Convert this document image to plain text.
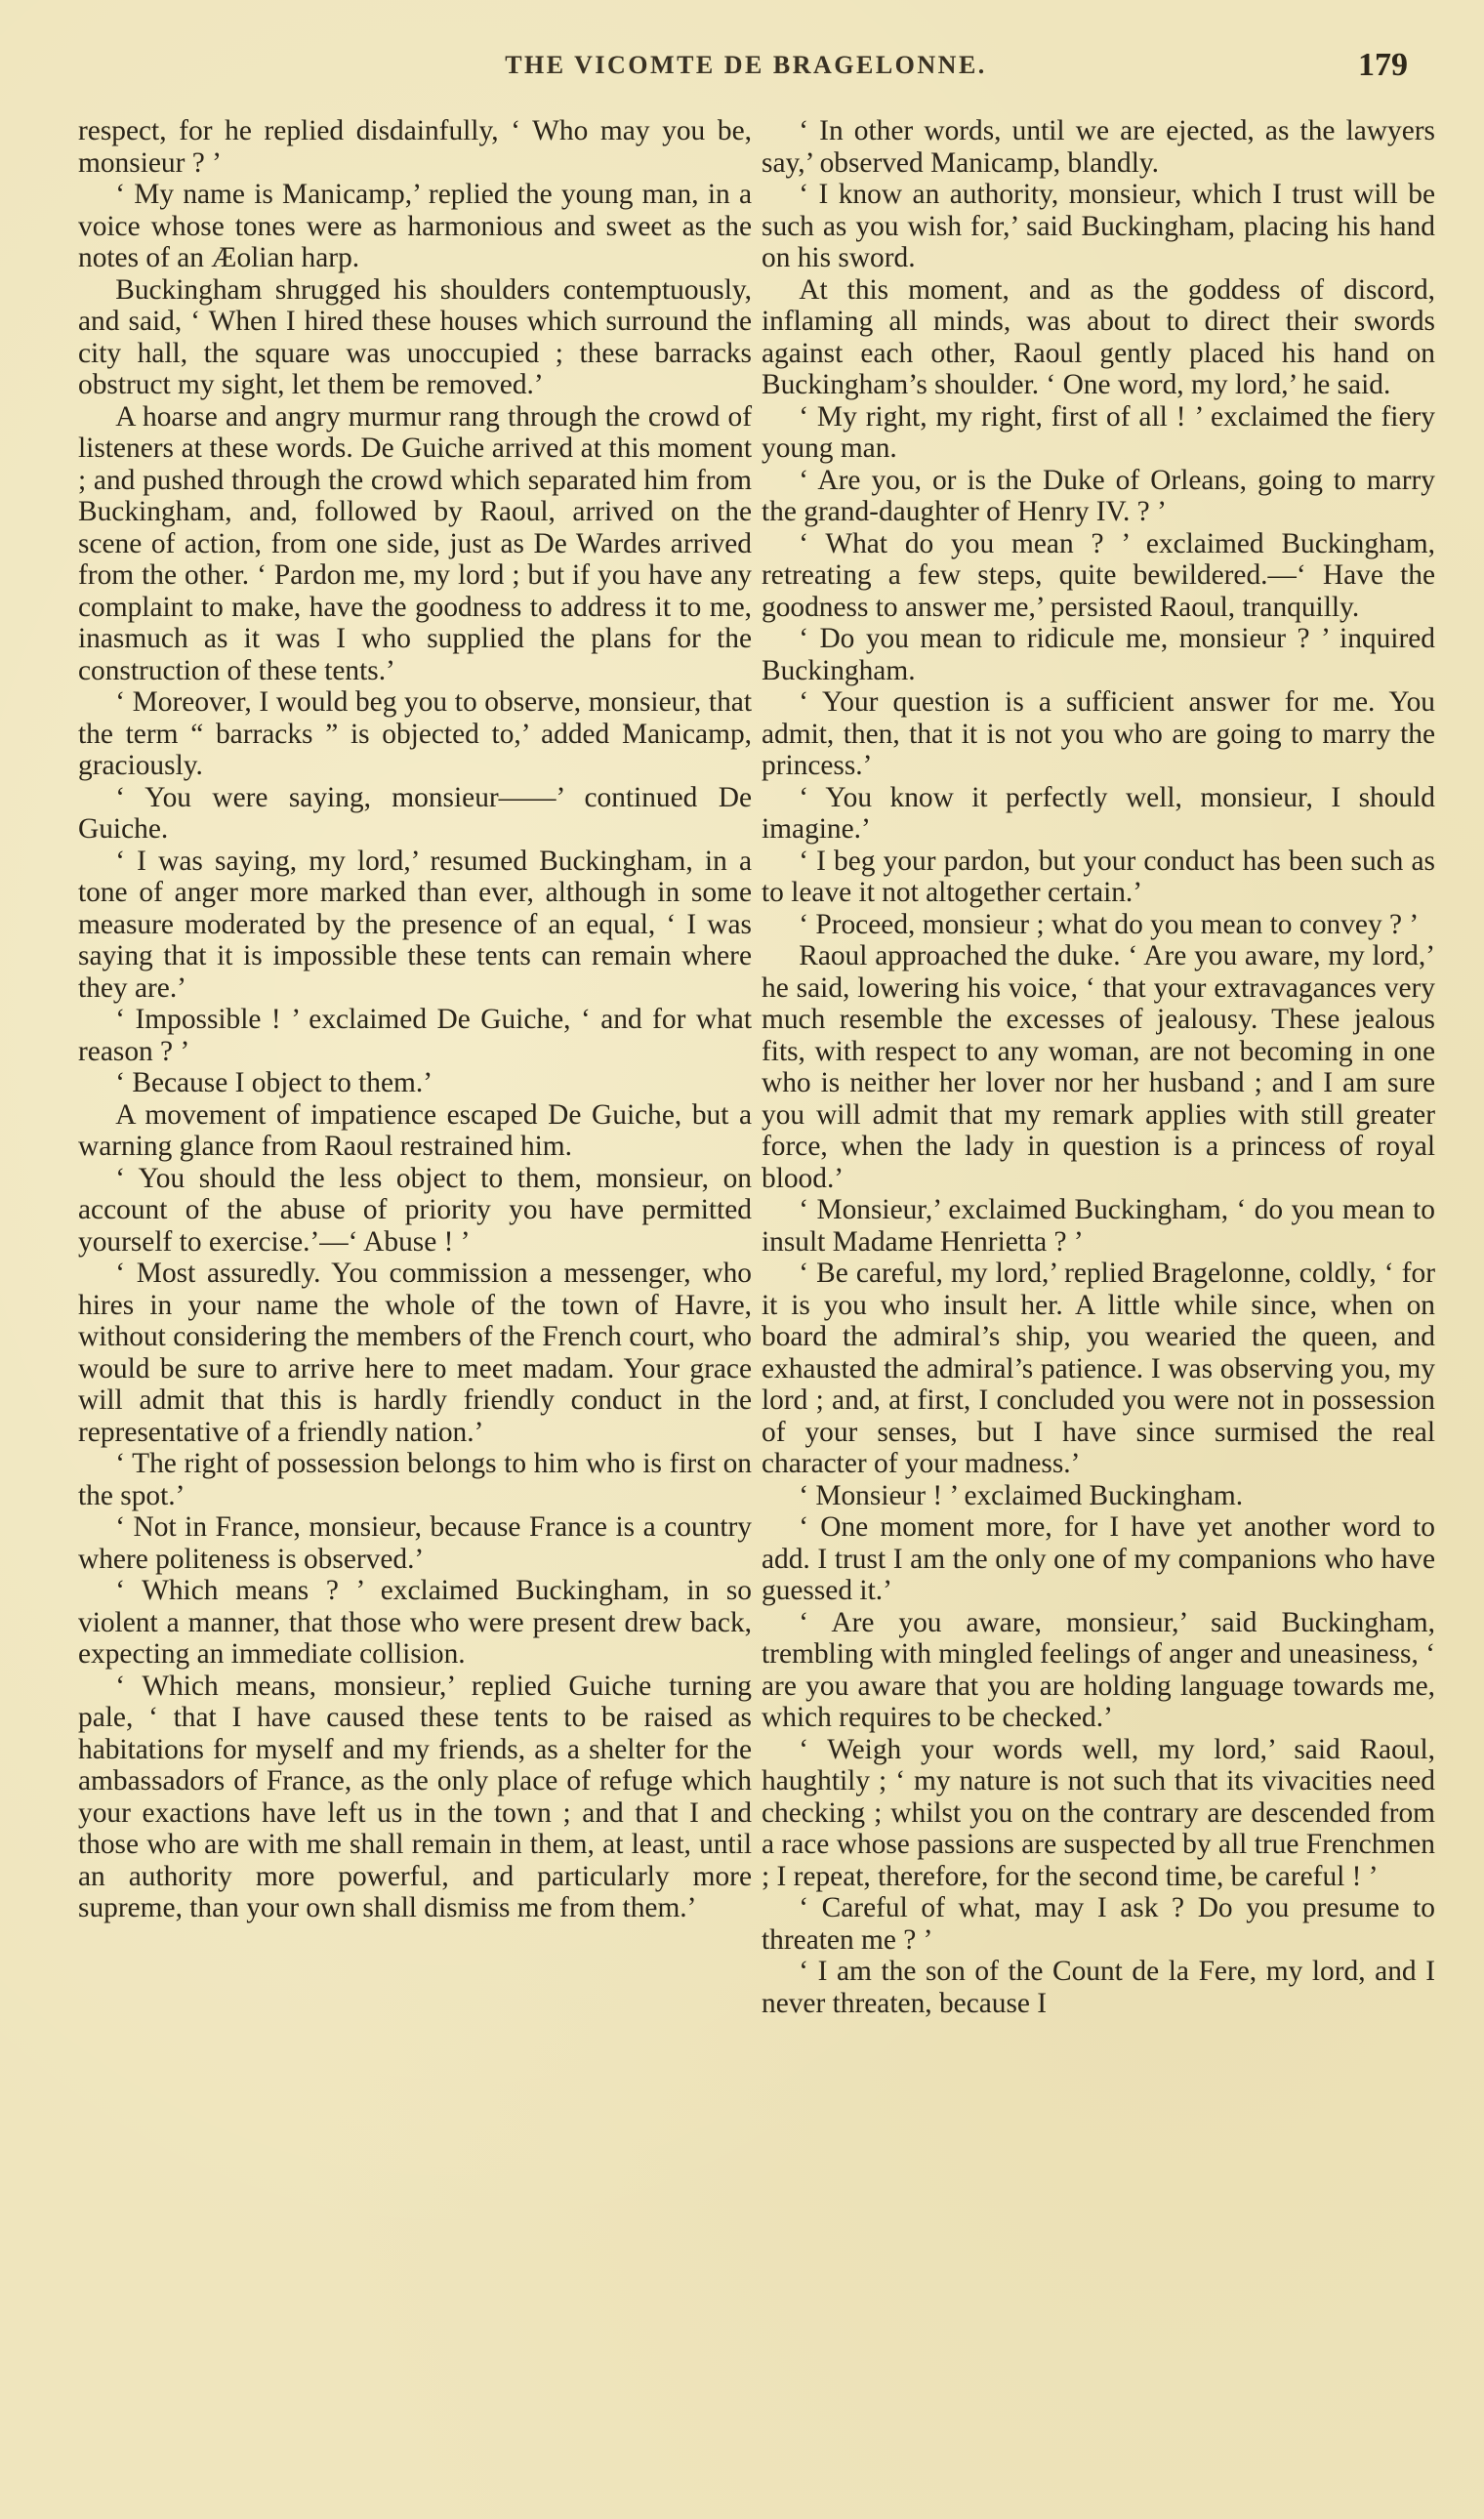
THE VICOMTE DE BRAGELONNE.	179

respect, for he replied disdainfully, ‘ Who may you be, monsieur ? ’

‘ My name is Manicamp,’ replied the young man, in a voice whose tones were as harmonious and sweet as the notes of an Æolian harp.

Buckingham shrugged his shoulders contemptuously, and said, ‘ When I hired these houses which surround the city hall, the square was unoccupied ; these barracks obstruct my sight, let them be removed.’

A hoarse and angry murmur rang through the crowd of listeners at these words. De Guiche arrived at this moment ; and pushed through the crowd which separated him from Buckingham, and, followed by Raoul, arrived on the scene of action, from one side, just as De Wardes arrived from the other. ‘ Pardon me, my lord ; but if you have any complaint to make, have the goodness to address it to me, inasmuch as it was I who supplied the plans for the construction of these tents.’

‘ Moreover, I would beg you to observe, monsieur, that the term “ barracks ” is objected to,’ added Manicamp, graciously.

‘ You were saying, monsieur——’ continued De Guiche.

‘ I was saying, my lord,’ resumed Buckingham, in a tone of anger more marked than ever, although in some measure moderated by the presence of an equal, ‘ I was saying that it is impossible these tents can remain where they are.’

‘ Impossible ! ’ exclaimed De Guiche, ‘ and for what reason ? ’

‘ Because I object to them.’

A movement of impatience escaped De Guiche, but a warning glance from Raoul restrained him.

‘ You should the less object to them, monsieur, on account of the abuse of priority you have permitted yourself to exercise.’—‘ Abuse ! ’

‘ Most assuredly. You commission a messenger, who hires in your name the whole of the town of Havre, without considering the members of the French court, who would be sure to arrive here to meet madam. Your grace will admit that this is hardly friendly conduct in the representative of a friendly nation.’

‘ The right of possession belongs to him who is first on the spot.’

‘ Not in France, monsieur, because France is a country where politeness is observed.’

‘ Which means ? ’ exclaimed Buckingham, in so violent a manner, that those who were present drew back, expecting an immediate collision.

‘ Which means, monsieur,’ replied Guiche turning pale, ‘ that I have caused these tents to be raised as habitations for myself and my friends, as a shelter for the ambassadors of France, as the only place of refuge which your exactions have left us in the town ; and that I and those who are with me shall remain in them, at least, until an authority more powerful, and particularly more supreme, than your own shall dismiss me from them.’

‘ In other words, until we are ejected, as the lawyers say,’ observed Manicamp, blandly.

‘ I know an authority, monsieur, which I trust will be such as you wish for,’ said Buckingham, placing his hand on his sword.

At this moment, and as the goddess of discord, inflaming all minds, was about to direct their swords against each other, Raoul gently placed his hand on Buckingham’s shoulder. ‘ One word, my lord,’ he said.

‘ My right, my right, first of all ! ’ exclaimed the fiery young man.

‘ Are you, or is the Duke of Orleans, going to marry the grand-daughter of Henry IV. ? ’

‘ What do you mean ? ’ exclaimed Buckingham, retreating a few steps, quite bewildered.—‘ Have the goodness to answer me,’ persisted Raoul, tranquilly.

‘ Do you mean to ridicule me, monsieur ? ’ inquired Buckingham.

‘ Your question is a sufficient answer for me. You admit, then, that it is not you who are going to marry the princess.’

‘ You know it perfectly well, monsieur, I should imagine.’

‘ I beg your pardon, but your conduct has been such as to leave it not altogether certain.’

‘ Proceed, monsieur ; what do you mean to convey ? ’

Raoul approached the duke. ‘ Are you aware, my lord,’ he said, lowering his voice, ‘ that your extravagances very much resemble the excesses of jealousy. These jealous fits, with respect to any woman, are not becoming in one who is neither her lover nor her husband ; and I am sure you will admit that my remark applies with still greater force, when the lady in question is a princess of royal blood.’

‘ Monsieur,’ exclaimed Buckingham, ‘ do you mean to insult Madame Henrietta ? ’

‘ Be careful, my lord,’ replied Bragelonne, coldly, ‘ for it is you who insult her. A little while since, when on board the admiral’s ship, you wearied the queen, and exhausted the admiral’s patience. I was observing you, my lord ; and, at first, I concluded you were not in possession of your senses, but I have since surmised the real character of your madness.’

‘ Monsieur ! ’ exclaimed Buckingham.

‘ One moment more, for I have yet another word to add. I trust I am the only one of my companions who have guessed it.’

‘ Are you aware, monsieur,’ said Buckingham, trembling with mingled feelings of anger and uneasiness, ‘ are you aware that you are holding language towards me, which requires to be checked.’

‘ Weigh your words well, my lord,’ said Raoul, haughtily ; ‘ my nature is not such that its vivacities need checking ; whilst you on the contrary are descended from a race whose passions are suspected by all true Frenchmen ; I repeat, therefore, for the second time, be careful ! ’

‘ Careful of what, may I ask ? Do you presume to threaten me ? ’

‘ I am the son of the Count de la Fere, my lord, and I never threaten, because I
